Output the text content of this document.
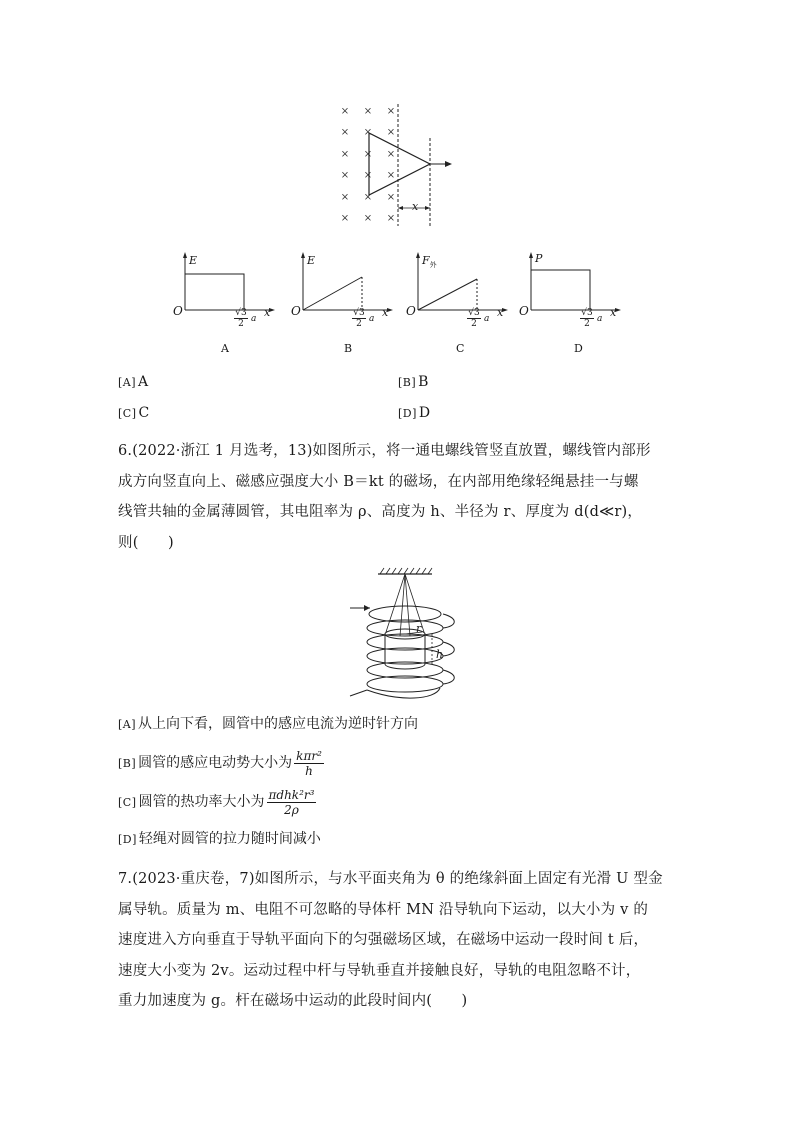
× × ×
× × ×
× × ×
× × ×
× × ×
× × ×
x
E
O	x
√3
2 a
A
E
O	x
√3
2 a
B
$F_外$
O	x
√3
2 a
C
P
O	x
√3
2 a
D
[A] A	[B] B
[C] C	[D] D
6.(2022·浙江 1 月选考，13)如图所示，将一通电螺线管竖直放置，螺线管内部形
成方向竖直向上、磁感应强度大小 B＝kt 的磁场，在内部用绝缘轻绳悬挂一与螺
线管共轴的金属薄圆管，其电阻率为 ρ、高度为 h、半径为 r、厚度为 d(d≪r)，
则(　　)
r
h
[A] 从上向下看，圆管中的感应电流为逆时针方向
[B] 圆管的感应电动势大小为 $\frac{\text{kπr²}}{h}$
[C] 圆管的热功率大小为 $\frac{\text{πdhk²r³}}{2\rho}$
[D] 轻绳对圆管的拉力随时间减小
7.(2023·重庆卷，7)如图所示，与水平面夹角为 θ 的绝缘斜面上固定有光滑 U 型金
属导轨。质量为 m、电阻不可忽略的导体杆 MN 沿导轨向下运动，以大小为 v 的
速度进入方向垂直于导轨平面向下的匀强磁场区域，在磁场中运动一段时间 t 后，
速度大小变为 2v。运动过程中杆与导轨垂直并接触良好，导轨的电阻忽略不计，
重力加速度为 g。杆在磁场中运动的此段时间内(　　)
